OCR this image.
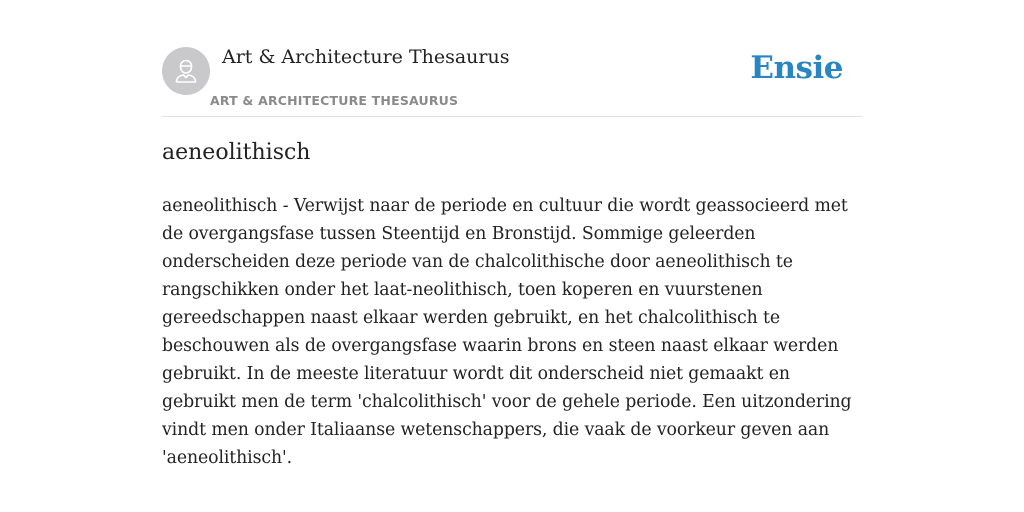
Art & Architecture Thesaurus
ART & ARCHITECTURE THESAURUS
Ensie
aeneolithisch

aeneolithisch - Verwijst naar de periode en cultuur die wordt geassocieerd met de overgangsfase tussen Steentijd en Bronstijd. Sommige geleerden onderscheiden deze periode van de chalcolithische door aeneolithisch te rangschikken onder het laat-neolithisch, toen koperen en vuurstenen gereedschappen naast elkaar werden gebruikt, en het chalcolithisch te beschouwen als de overgangsfase waarin brons en steen naast elkaar werden gebruikt. In de meeste literatuur wordt dit onderscheid niet gemaakt en gebruikt men de term 'chalcolithisch' voor de gehele periode. Een uitzondering vindt men onder Italiaanse wetenschappers, die vaak de voorkeur geven aan 'aeneolithisch'.
